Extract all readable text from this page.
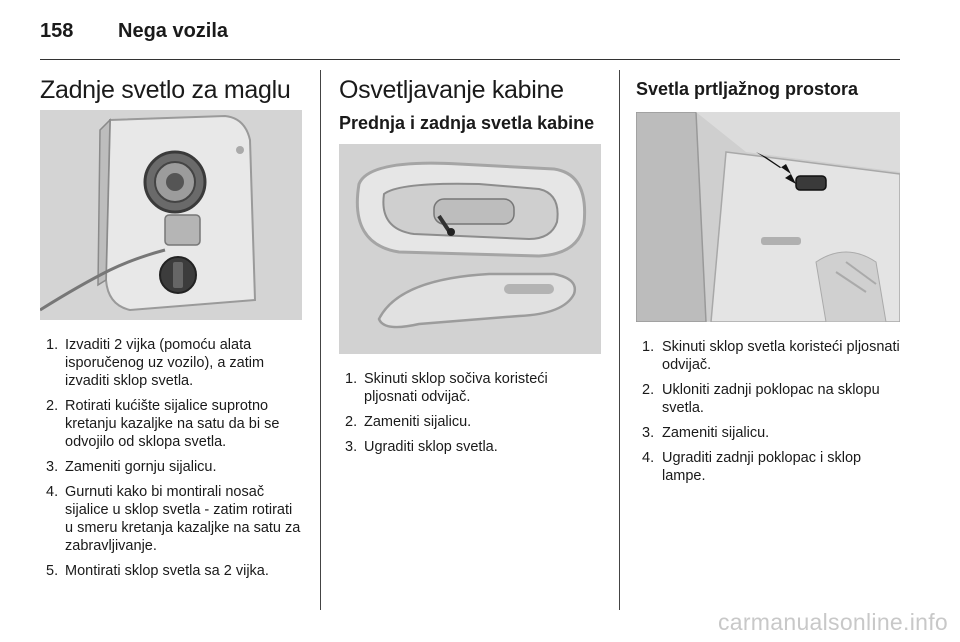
158	Nega vozila
Zadnje svetlo za maglu
1. Izvaditi 2 vijka (pomoću alata isporučenog uz vozilo), a zatim izvaditi sklop svetla.
2. Rotirati kućište sijalice suprotno kretanju kazaljke na satu da bi se odvojilo od sklopa svetla.
3. Zameniti gornju sijalicu.
4. Gurnuti kako bi montirali nosač sijalice u sklop svetla - zatim rotirati u smeru kretanja kazaljke na satu za zabravljivanje.
5. Montirati sklop svetla sa 2 vijka.
Osvetljavanje kabine
Prednja i zadnja svetla kabine
1. Skinuti sklop sočiva koristeći pljosnati odvijač.
2. Zameniti sijalicu.
3. Ugraditi sklop svetla.
Svetla prtljažnog prostora
1. Skinuti sklop svetla koristeći pljosnati odvijač.
2. Ukloniti zadnji poklopac na sklopu svetla.
3. Zameniti sijalicu.
4. Ugraditi zadnji poklopac i sklop lampe.
carmanualsonline.info
